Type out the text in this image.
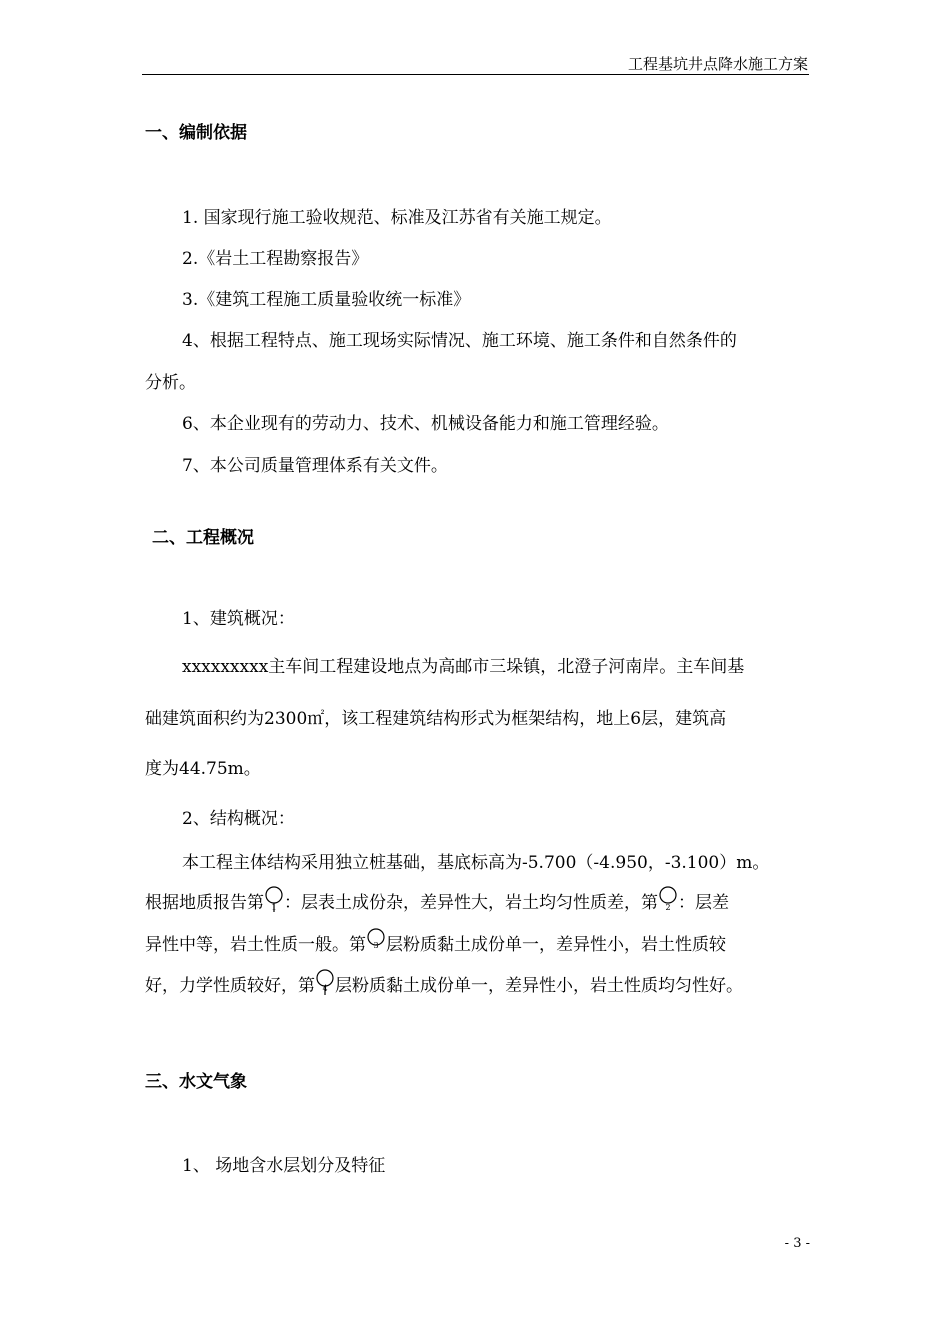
工程基坑井点降水施工方案
一、编制依据
1. 国家现行施工验收规范、标准及江苏省有关施工规定。
2.《岩土工程勘察报告》
3.《建筑工程施工质量验收统一标准》
4、根据工程特点、施工现场实际情况、施工环境、施工条件和自然条件的
分析。
6、本企业现有的劳动力、技术、机械设备能力和施工管理经验。
7、本公司质量管理体系有关文件。
二、工程概况
1、建筑概况：
xxxxxxxxx主车间工程建设地点为高邮市三垛镇，北澄子河南岸。主车间基
础建筑面积约为2300㎡，该工程建筑结构形式为框架结构，地上6层，建筑高
度为44.75m。
2、结构概况：
本工程主体结构采用独立桩基础，基底标高为-5.700（-4.950，-3.100）m。
根据地质报告第 1 ：层表土成份杂，差异性大，岩土均匀性质差，第 2 ：层差
异性中等，岩土性质一般。第 3 层粉质黏土成份单一，差异性小，岩土性质较
好，力学性质较好，第 4 层粉质黏土成份单一，差异性小，岩土性质均匀性好。
三、水文气象
1、 场地含水层划分及特征
- 3 -
